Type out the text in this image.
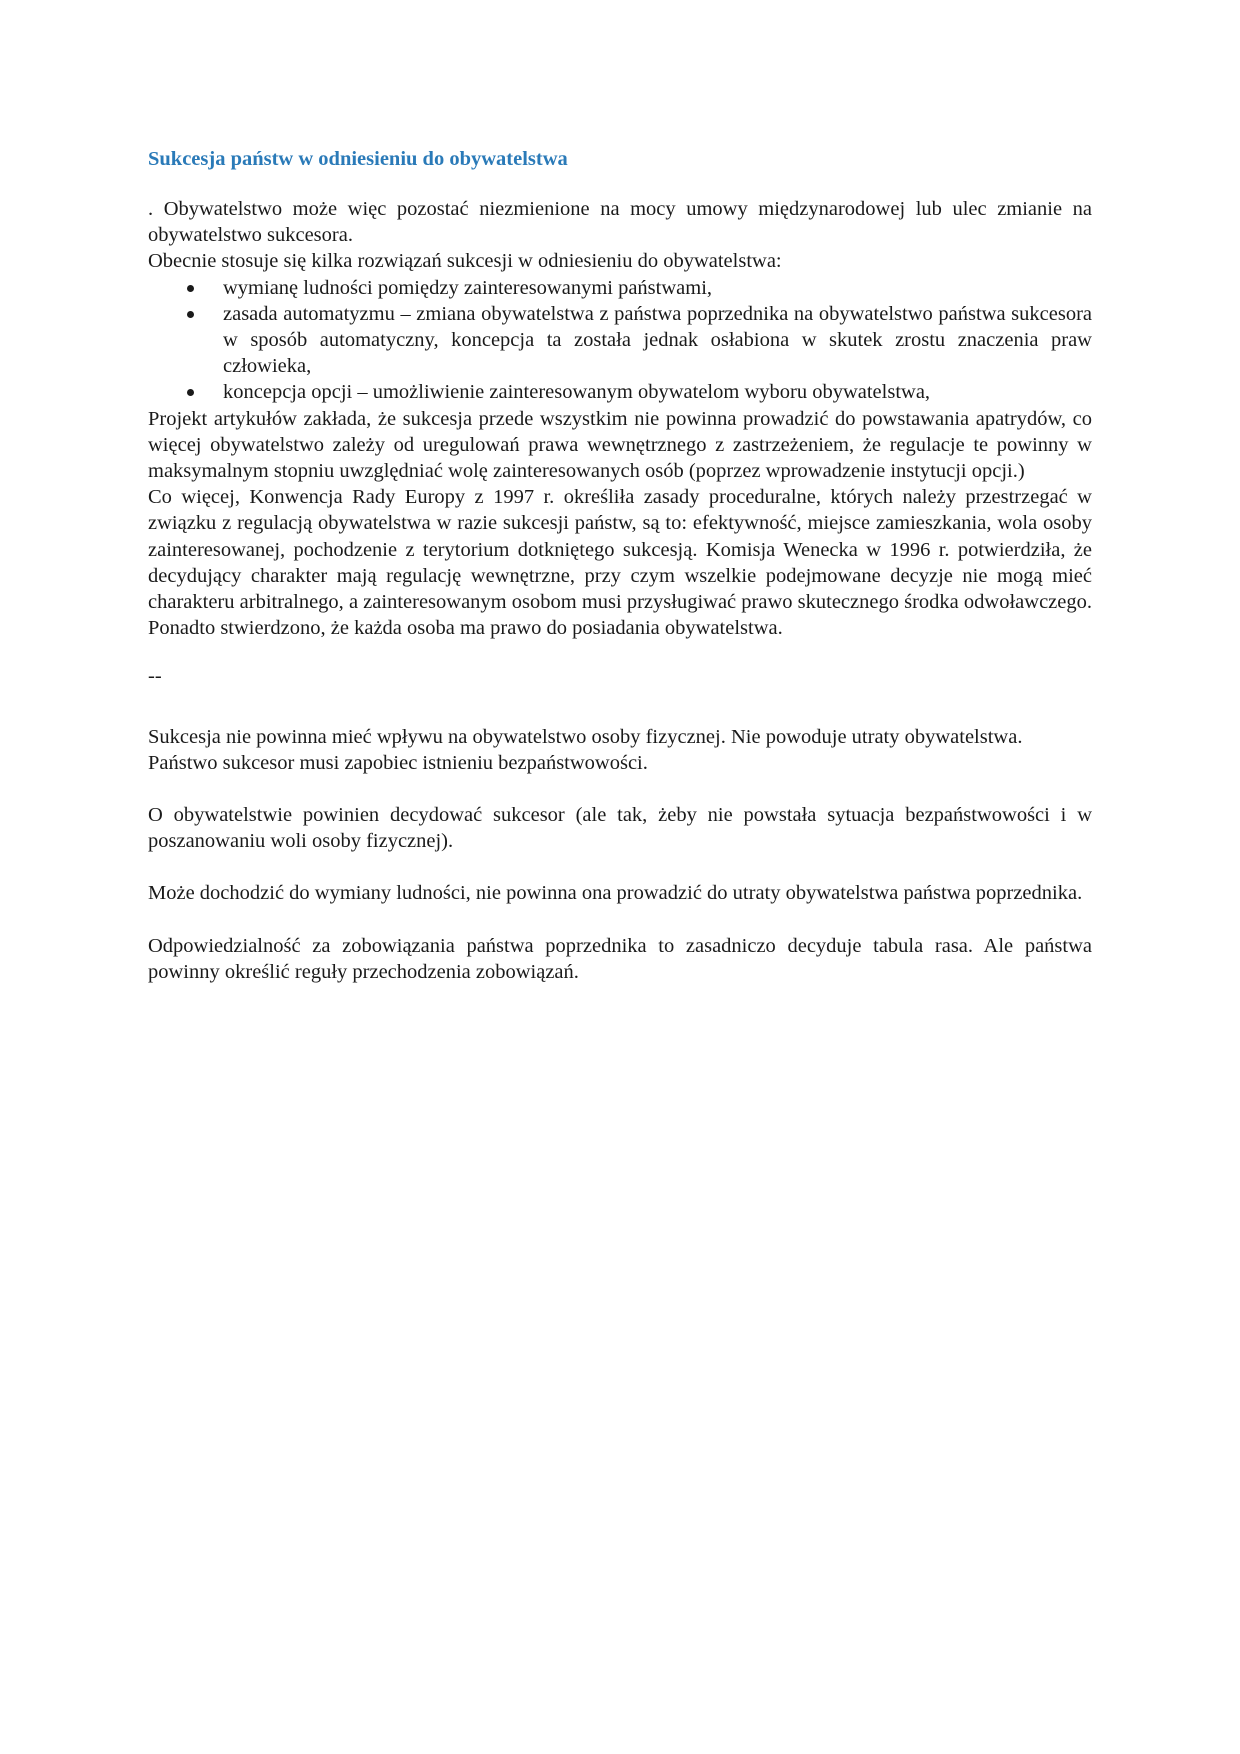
Sukcesja państw w odniesieniu do obywatelstwa

. Obywatelstwo może więc pozostać niezmienione na mocy umowy międzynarodowej lub ulec zmianie na obywatelstwo sukcesora.

Obecnie stosuje się kilka rozwiązań sukcesji w odniesieniu do obywatelstwa:

wymianę ludności pomiędzy zainteresowanymi państwami,
zasada automatyzmu – zmiana obywatelstwa z państwa poprzednika na obywatelstwo państwa sukcesora w sposób automatyczny, koncepcja ta została jednak osłabiona w skutek zrostu znaczenia praw człowieka,
koncepcja opcji – umożliwienie zainteresowanym obywatelom wyboru obywatelstwa,

Projekt artykułów zakłada, że sukcesja przede wszystkim nie powinna prowadzić do powstawania apatrydów, co więcej obywatelstwo zależy od uregulowań prawa wewnętrznego z zastrzeżeniem, że regulacje te powinny w maksymalnym stopniu uwzględniać wolę zainteresowanych osób (poprzez wprowadzenie instytucji opcji.)

Co więcej, Konwencja Rady Europy z 1997 r. określiła zasady proceduralne, których należy przestrzegać w związku z regulacją obywatelstwa w razie sukcesji państw, są to: efektywność, miejsce zamieszkania, wola osoby zainteresowanej, pochodzenie z terytorium dotkniętego sukcesją. Komisja Wenecka w 1996 r. potwierdziła, że decydujący charakter mają regulację wewnętrzne, przy czym wszelkie podejmowane decyzje nie mogą mieć charakteru arbitralnego, a zainteresowanym osobom musi przysługiwać prawo skutecznego środka odwoławczego. Ponadto stwierdzono, że każda osoba ma prawo do posiadania obywatelstwa.

--

Sukcesja nie powinna mieć wpływu na obywatelstwo osoby fizycznej. Nie powoduje utraty obywatelstwa.

Państwo sukcesor musi zapobiec istnieniu bezpaństwowości.

O obywatelstwie powinien decydować sukcesor (ale tak, żeby nie powstała sytuacja bezpaństwowości i w poszanowaniu woli osoby fizycznej).

Może dochodzić do wymiany ludności, nie powinna ona prowadzić do utraty obywatelstwa państwa poprzednika.

Odpowiedzialność za zobowiązania państwa poprzednika to zasadniczo decyduje tabula rasa. Ale państwa powinny określić reguły przechodzenia zobowiązań.
